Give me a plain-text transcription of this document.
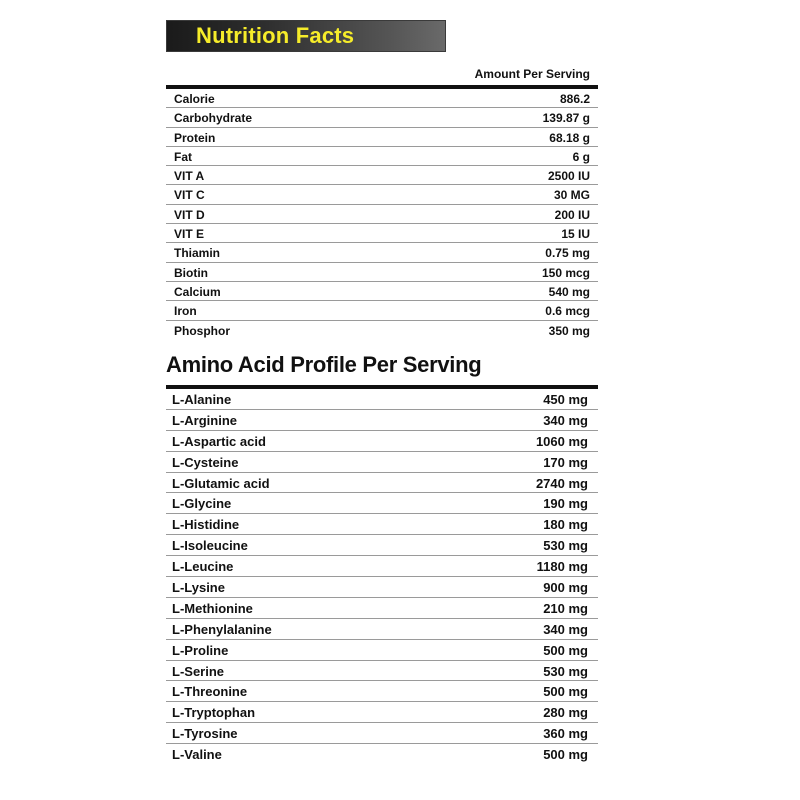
Nutrition Facts
Amount Per Serving
Calorie	886.2
Carbohydrate	139.87 g
Protein	68.18 g
Fat	6 g
VIT A	2500 IU
VIT C	30 MG
VIT D	200 IU
VIT E	15 IU
Thiamin	0.75 mg
Biotin	150 mcg
Calcium	540 mg
Iron	0.6 mcg
Phosphor	350 mg
Amino Acid Profile Per Serving
L-Alanine	450 mg
L-Arginine	340 mg
L-Aspartic acid	1060 mg
L-Cysteine	170 mg
L-Glutamic acid	2740 mg
L-Glycine	190 mg
L-Histidine	180 mg
L-Isoleucine	530 mg
L-Leucine	1180 mg
L-Lysine	900 mg
L-Methionine	210 mg
L-Phenylalanine	340 mg
L-Proline	500 mg
L-Serine	530 mg
L-Threonine	500 mg
L-Tryptophan	280 mg
L-Tyrosine	360 mg
L-Valine	500 mg
